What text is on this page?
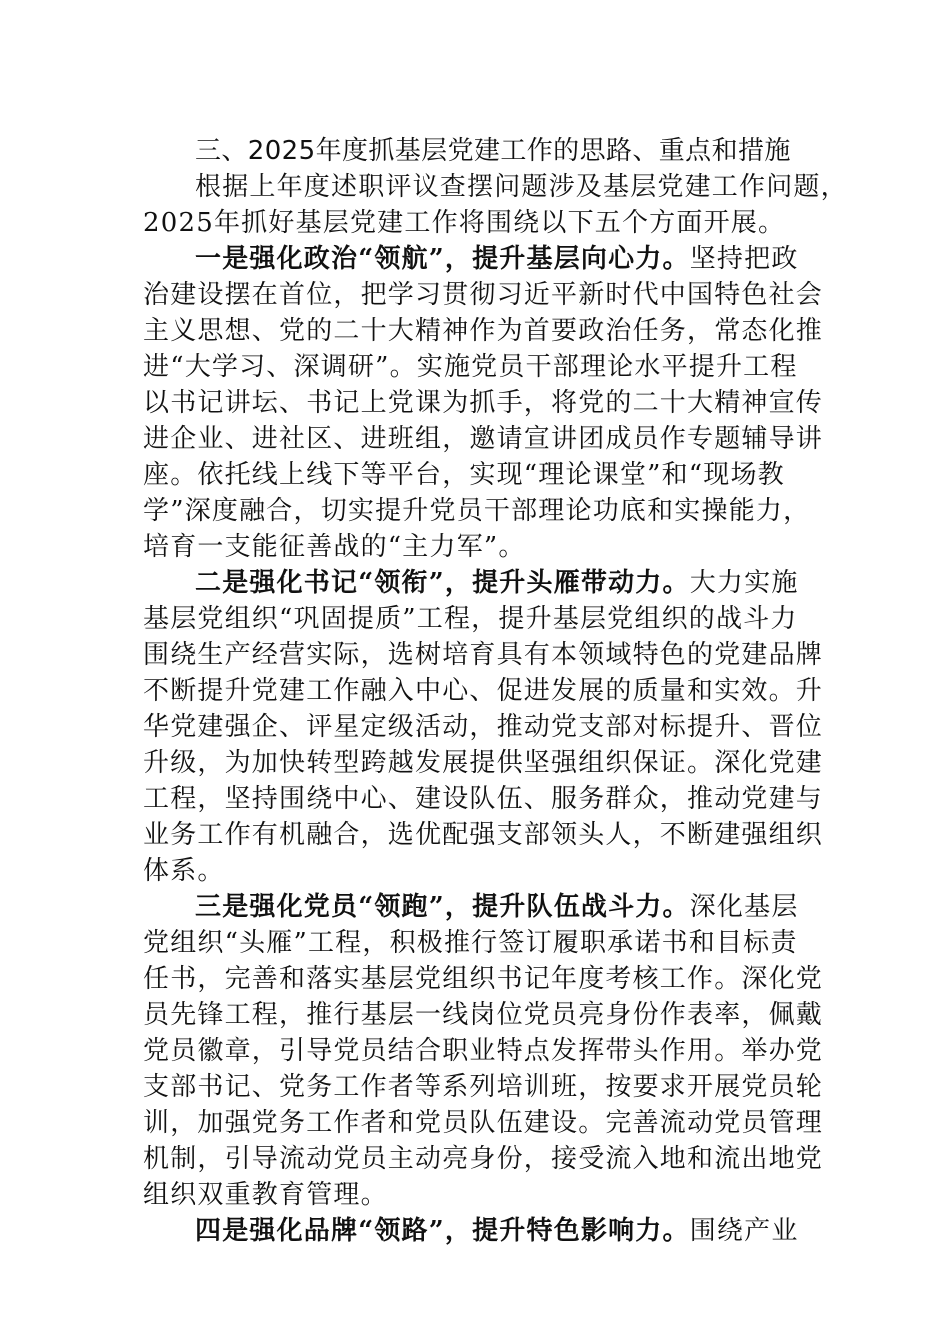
三、2025年度抓基层党建工作的思路、重点和措施
根据上年度述职评议查摆问题涉及基层党建工作问题，
2025年抓好基层党建工作将围绕以下五个方面开展。
一是强化政治“领航”，提升基层向心力。坚持把政
治建设摆在首位，把学习贯彻习近平新时代中国特色社会
主义思想、党的二十大精神作为首要政治任务，常态化推
进“大学习、深调研”。实施党员干部理论水平提升工程
以书记讲坛、书记上党课为抓手，将党的二十大精神宣传
进企业、进社区、进班组，邀请宣讲团成员作专题辅导讲
座。依托线上线下等平台，实现“理论课堂”和“现场教
学”深度融合，切实提升党员干部理论功底和实操能力，
培育一支能征善战的“主力军”。
二是强化书记“领衔”，提升头雁带动力。大力实施
基层党组织“巩固提质”工程，提升基层党组织的战斗力
围绕生产经营实际，选树培育具有本领域特色的党建品牌
不断提升党建工作融入中心、促进发展的质量和实效。升
华党建强企、评星定级活动，推动党支部对标提升、晋位
升级，为加快转型跨越发展提供坚强组织保证。深化党建
工程，坚持围绕中心、建设队伍、服务群众，推动党建与
业务工作有机融合，选优配强支部领头人，不断建强组织
体系。
三是强化党员“领跑”，提升队伍战斗力。深化基层
党组织“头雁”工程，积极推行签订履职承诺书和目标责
任书，完善和落实基层党组织书记年度考核工作。深化党
员先锋工程，推行基层一线岗位党员亮身份作表率，佩戴
党员徽章，引导党员结合职业特点发挥带头作用。举办党
支部书记、党务工作者等系列培训班，按要求开展党员轮
训，加强党务工作者和党员队伍建设。完善流动党员管理
机制，引导流动党员主动亮身份，接受流入地和流出地党
组织双重教育管理。
四是强化品牌“领路”，提升特色影响力。围绕产业
